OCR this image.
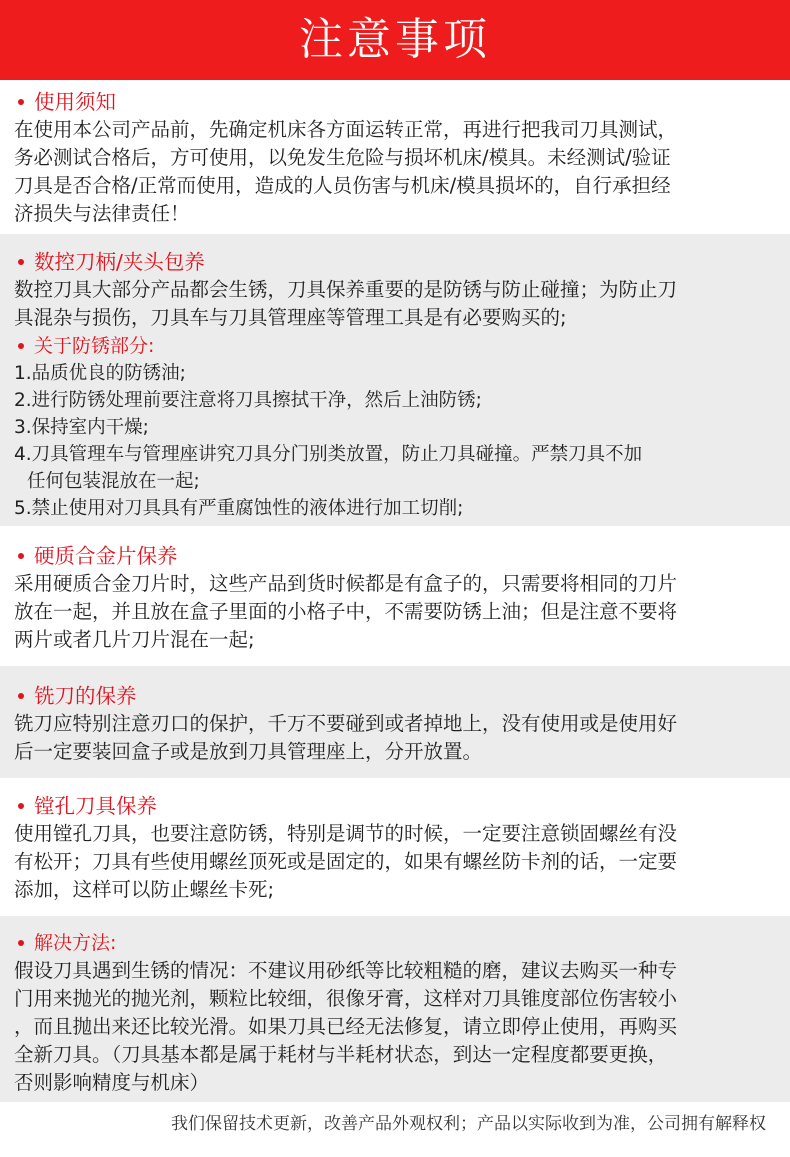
注意事项
使用须知
在使用本公司产品前，先确定机床各方面运转正常，再进行把我司刀具测试，
务必测试合格后，方可使用，以免发生危险与损坏机床/模具。未经测试/验证
刀具是否合格/正常而使用，造成的人员伤害与机床/模具损坏的，自行承担经
济损失与法律责任！
数控刀柄/夹头包养
数控刀具大部分产品都会生锈，刀具保养重要的是防锈与防止碰撞；为防止刀
具混杂与损伤，刀具车与刀具管理座等管理工具是有必要购买的;
关于防锈部分:
1.品质优良的防锈油;
2.进行防锈处理前要注意将刀具擦拭干净，然后上油防锈;
3.保持室内干燥;
4.刀具管理车与管理座讲究刀具分门别类放置，防止刀具碰撞。严禁刀具不加
任何包装混放在一起;
5.禁止使用对刀具具有严重腐蚀性的液体进行加工切削;
硬质合金片保养
采用硬质合金刀片时，这些产品到货时候都是有盒子的，只需要将相同的刀片
放在一起，并且放在盒子里面的小格子中，不需要防锈上油；但是注意不要将
两片或者几片刀片混在一起;
铣刀的保养
铣刀应特别注意刃口的保护，千万不要碰到或者掉地上，没有使用或是使用好
后一定要装回盒子或是放到刀具管理座上，分开放置。
镗孔刀具保养
使用镗孔刀具，也要注意防锈，特别是调节的时候，一定要注意锁固螺丝有没
有松开；刀具有些使用螺丝顶死或是固定的，如果有螺丝防卡剂的话，一定要
添加，这样可以防止螺丝卡死;
解决方法:
假设刀具遇到生锈的情况：不建议用砂纸等比较粗糙的磨，建议去购买一种专
门用来抛光的抛光剂，颗粒比较细，很像牙膏，这样对刀具锥度部位伤害较小
，而且抛出来还比较光滑。如果刀具已经无法修复，请立即停止使用，再购买
全新刀具。（刀具基本都是属于耗材与半耗材状态，到达一定程度都要更换，
否则影响精度与机床）
我们保留技术更新，改善产品外观权利；产品以实际收到为准，公司拥有解释权
